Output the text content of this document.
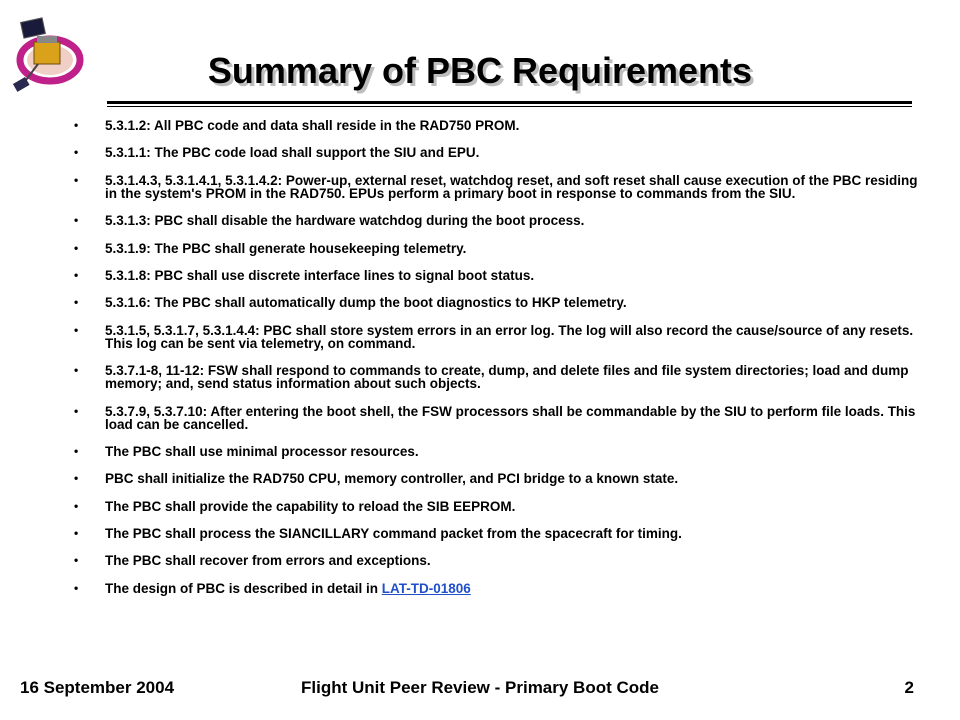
Summary of PBC Requirements
• 5.3.1.2: All PBC code and data shall reside in the RAD750 PROM.
• 5.3.1.1: The PBC code load shall support the SIU and EPU.
• 5.3.1.4.3, 5.3.1.4.1, 5.3.1.4.2: Power-up, external reset, watchdog reset, and soft reset shall cause execution of the PBC residing in the system's PROM in the RAD750. EPUs perform a primary boot in response to commands from the SIU.
• 5.3.1.3: PBC shall disable the hardware watchdog during the boot process.
• 5.3.1.9: The PBC shall generate housekeeping telemetry.
• 5.3.1.8: PBC shall use discrete interface lines to signal boot status.
• 5.3.1.6: The PBC shall automatically dump the boot diagnostics to HKP telemetry.
• 5.3.1.5, 5.3.1.7, 5.3.1.4.4: PBC shall store system errors in an error log. The log will also record the cause/source of any resets. This log can be sent via telemetry, on command.
• 5.3.7.1-8, 11-12: FSW shall respond to commands to create, dump, and delete files and file system directories; load and dump memory; and, send status information about such objects.
• 5.3.7.9, 5.3.7.10: After entering the boot shell, the FSW processors shall be commandable by the SIU to perform file loads. This load can be cancelled.
• The PBC shall use minimal processor resources.
• PBC shall initialize the RAD750 CPU, memory controller, and PCI bridge to a known state.
• The PBC shall provide the capability to reload the SIB EEPROM.
• The PBC shall process the SIANCILLARY command packet from the spacecraft for timing.
• The PBC shall recover from errors and exceptions.
• The design of PBC is described in detail in LAT-TD-01806
16 September 2004	Flight Unit Peer Review - Primary Boot Code	2
